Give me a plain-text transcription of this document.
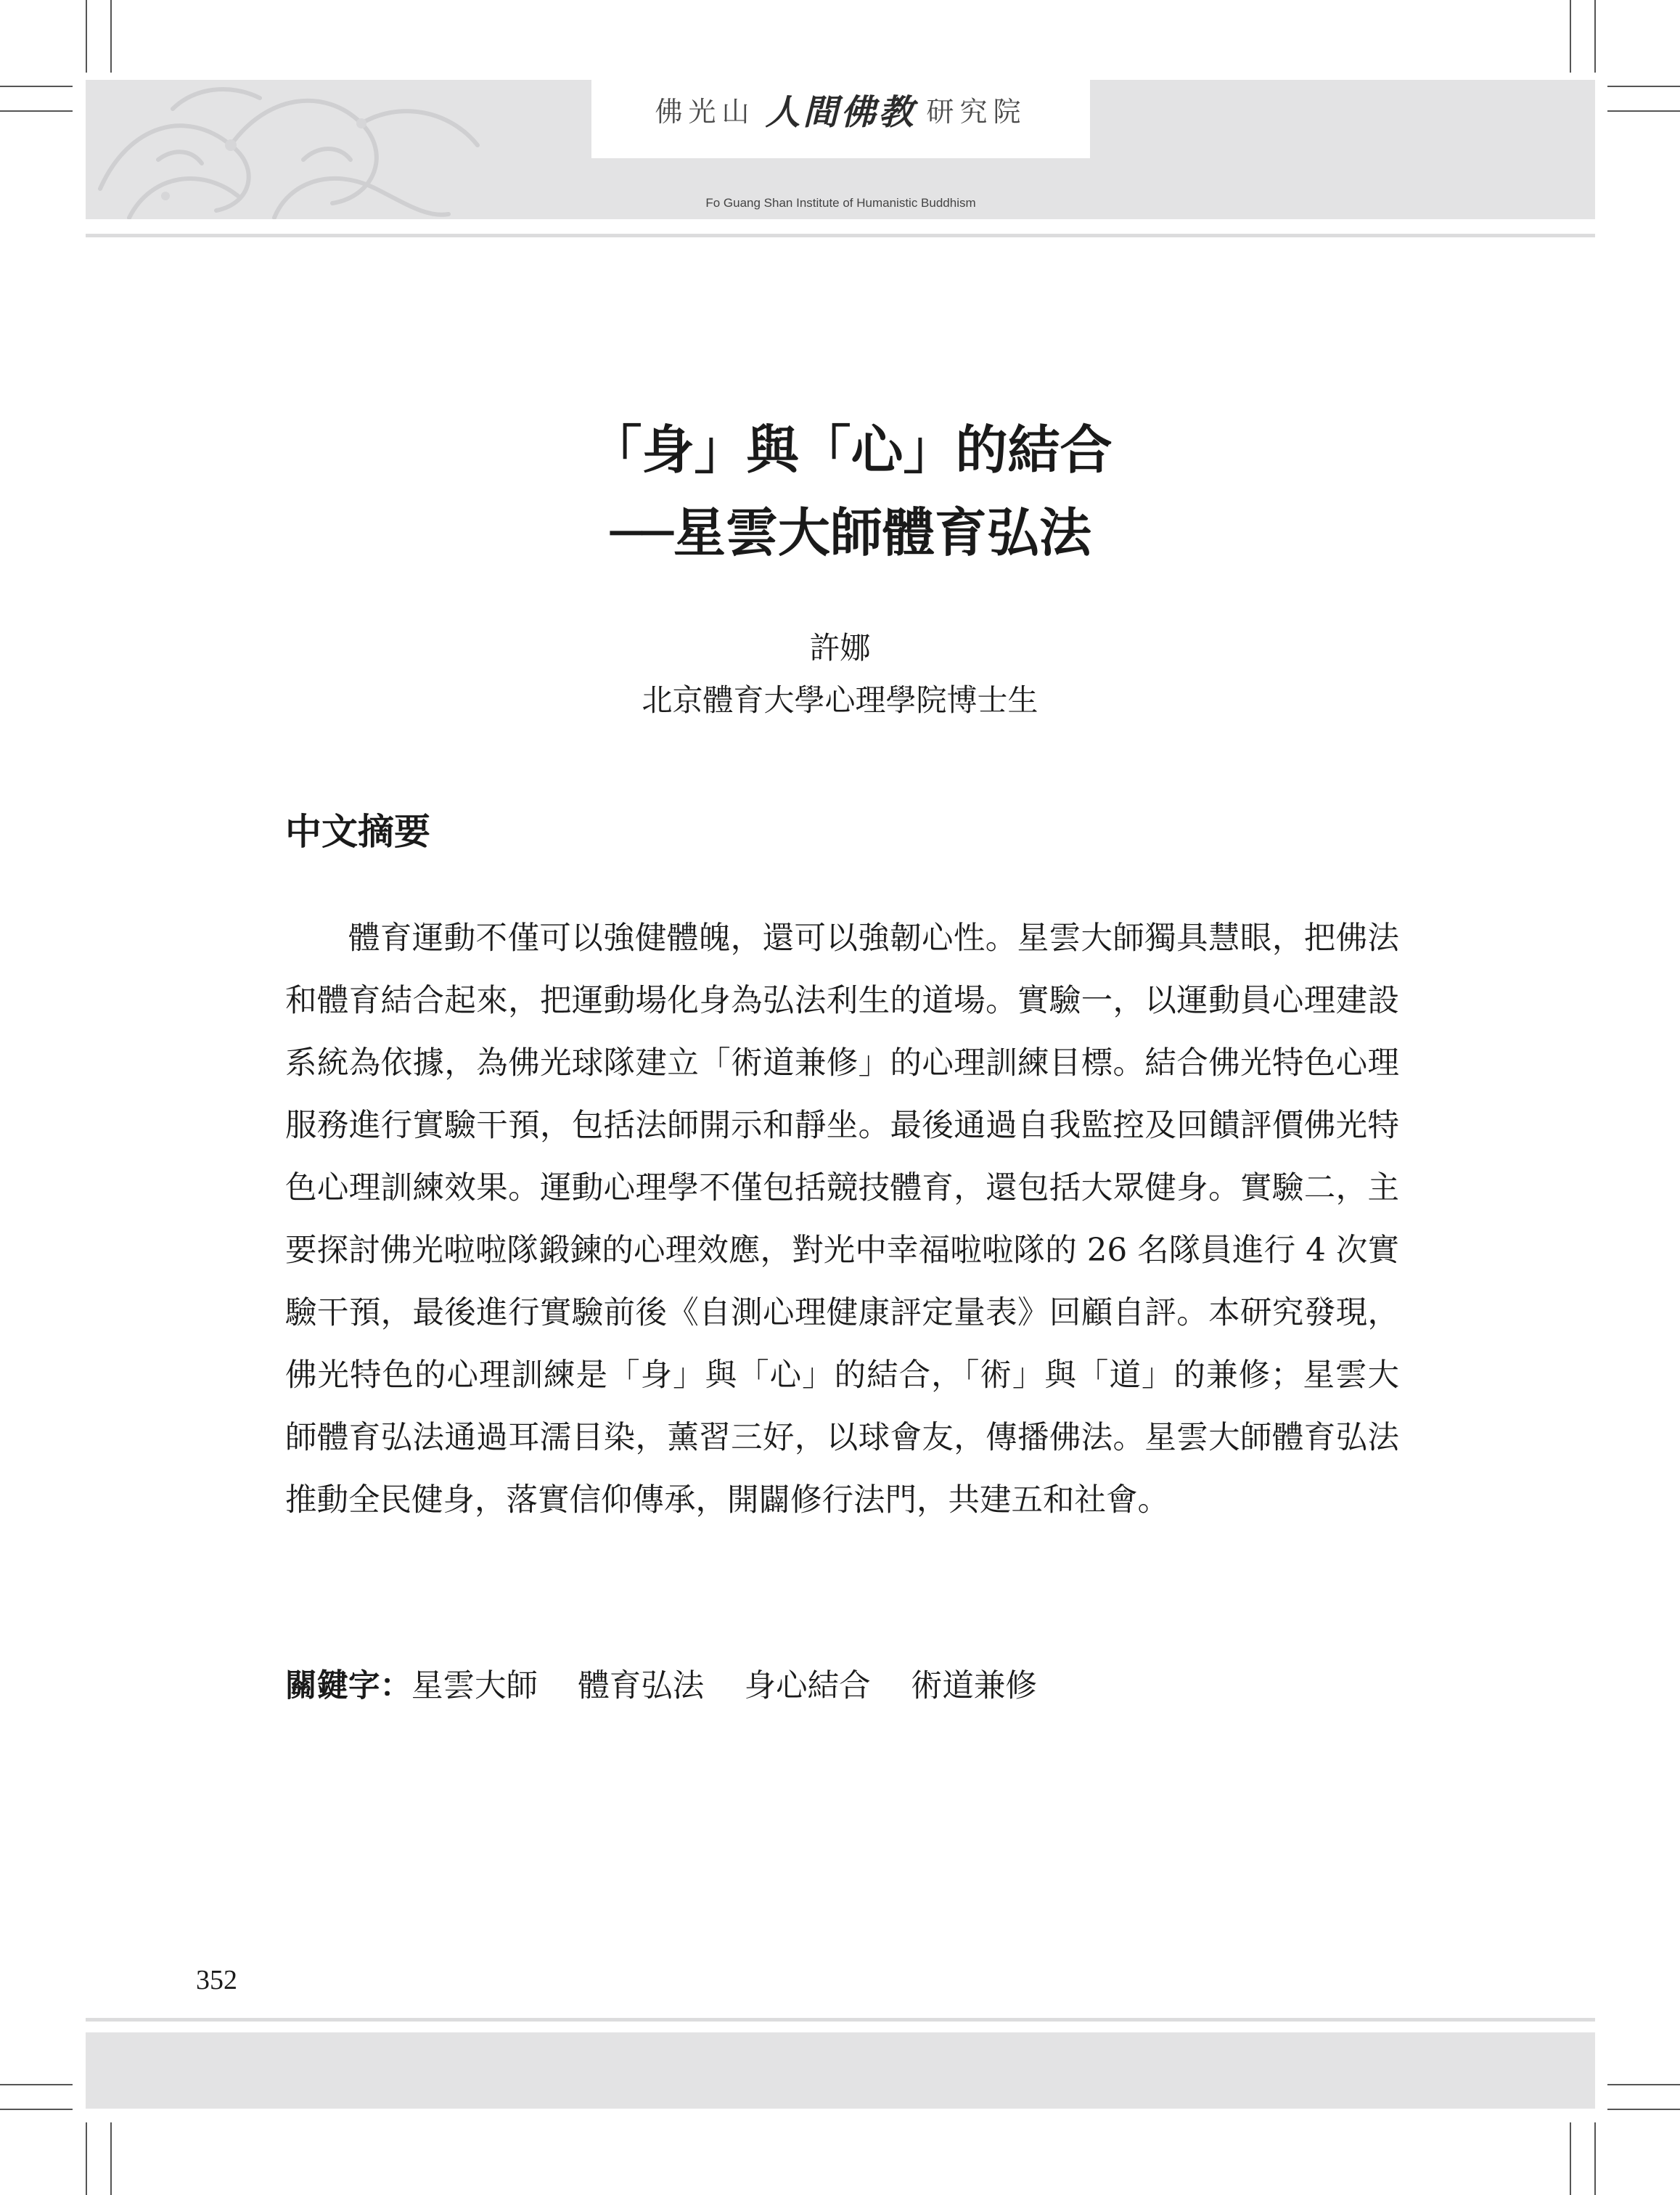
佛光山 人間佛教 研究院
Fo Guang Shan Institute of Humanistic Buddhism
「身」與「心」的結合
──星雲大師體育弘法
許娜
北京體育大學心理學院博士生
中文摘要

體育運動不僅可以強健體魄，還可以強韌心性。星雲大師獨具慧眼，把佛法和體育結合起來，把運動場化身為弘法利生的道場。實驗一，以運動員心理建設系統為依據，為佛光球隊建立「術道兼修」的心理訓練目標。結合佛光特色心理服務進行實驗干預，包括法師開示和靜坐。最後通過自我監控及回饋評價佛光特色心理訓練效果。運動心理學不僅包括競技體育，還包括大眾健身。實驗二，主要探討佛光啦啦隊鍛鍊的心理效應，對光中幸福啦啦隊的 26 名隊員進行 4 次實驗干預，最後進行實驗前後《自測心理健康評定量表》回顧自評。本研究發現，佛光特色的心理訓練是「身」與「心」的結合，「術」與「道」的兼修；星雲大師體育弘法通過耳濡目染，薰習三好，以球會友，傳播佛法。星雲大師體育弘法推動全民健身，落實信仰傳承，開闢修行法門，共建五和社會。

關鍵字：星雲大師 體育弘法 身心結合 術道兼修
352
